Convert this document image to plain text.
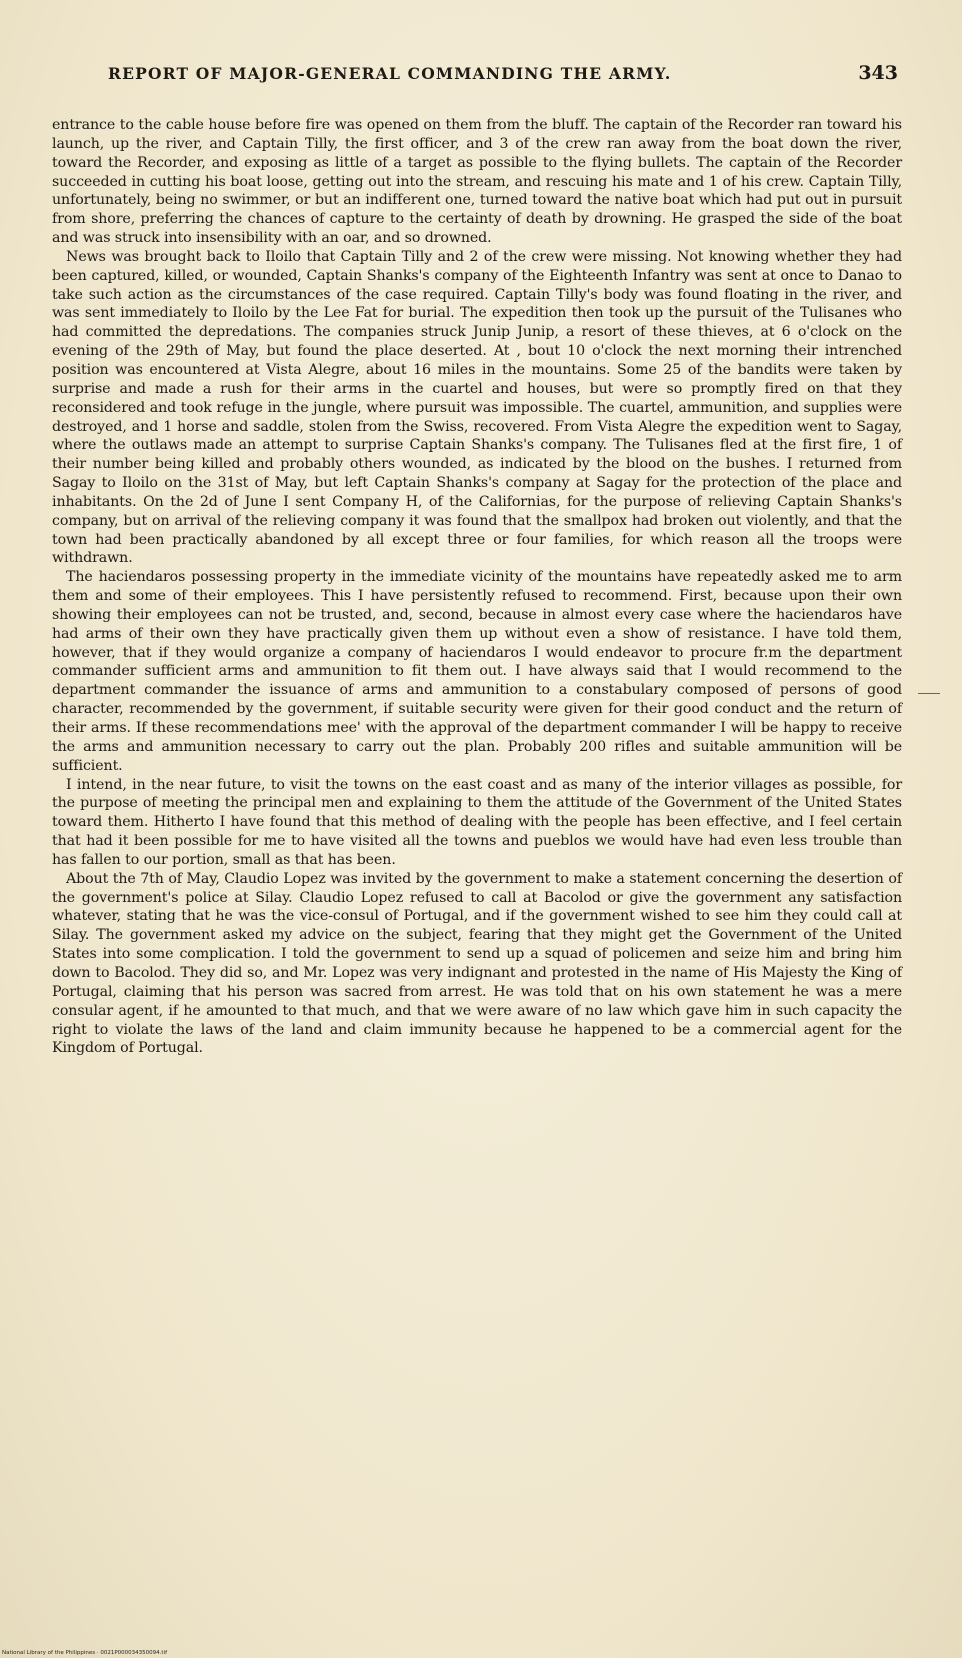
REPORT OF MAJOR-GENERAL COMMANDING THE ARMY.	343

entrance to the cable house before fire was opened on them from the bluff. The captain of the Recorder ran toward his launch, up the river, and Captain Tilly, the first officer, and 3 of the crew ran away from the boat down the river, toward the Recorder, and exposing as little of a target as possible to the flying bullets. The captain of the Recorder succeeded in cutting his boat loose, getting out into the stream, and rescuing his mate and 1 of his crew. Captain Tilly, unfortunately, being no swimmer, or but an indifferent one, turned toward the native boat which had put out in pursuit from shore, preferring the chances of capture to the certainty of death by drowning. He grasped the side of the boat and was struck into insensibility with an oar, and so drowned.

News was brought back to Iloilo that Captain Tilly and 2 of the crew were missing. Not knowing whether they had been captured, killed, or wounded, Captain Shanks's company of the Eighteenth Infantry was sent at once to Danao to take such action as the circumstances of the case required. Captain Tilly's body was found floating in the river, and was sent immediately to Iloilo by the Lee Fat for burial. The expedition then took up the pursuit of the Tulisanes who had committed the depredations. The companies struck Junip Junip, a resort of these thieves, at 6 o'clock on the evening of the 29th of May, but found the place deserted. At , bout 10 o'clock the next morning their intrenched position was encountered at Vista Alegre, about 16 miles in the mountains. Some 25 of the bandits were taken by surprise and made a rush for their arms in the cuartel and houses, but were so promptly fired on that they reconsidered and took refuge in the jungle, where pursuit was impossible. The cuartel, ammunition, and supplies were destroyed, and 1 horse and saddle, stolen from the Swiss, recovered. From Vista Alegre the expedition went to Sagay, where the outlaws made an attempt to surprise Captain Shanks's company. The Tulisanes fled at the first fire, 1 of their number being killed and probably others wounded, as indicated by the blood on the bushes. I returned from Sagay to Iloilo on the 31st of May, but left Captain Shanks's company at Sagay for the protection of the place and inhabitants. On the 2d of June I sent Company H, of the Californias, for the purpose of relieving Captain Shanks's company, but on arrival of the relieving company it was found that the smallpox had broken out violently, and that the town had been practically abandoned by all except three or four families, for which reason all the troops were withdrawn.

The haciendaros possessing property in the immediate vicinity of the mountains have repeatedly asked me to arm them and some of their employees. This I have persistently refused to recommend. First, because upon their own showing their employees can not be trusted, and, second, because in almost every case where the haciendaros have had arms of their own they have practically given them up without even a show of resistance. I have told them, however, that if they would organize a company of haciendaros I would endeavor to procure fr.m the department commander sufficient arms and ammunition to fit them out. I have always said that I would recommend to the department commander the issuance of arms and ammunition to a constabulary composed of persons of good character, recommended by the government, if suitable security were given for their good conduct and the return of their arms. If these recommendations mee' with the approval of the department commander I will be happy to receive the arms and ammunition necessary to carry out the plan. Probably 200 rifles and suitable ammunition will be sufficient.

I intend, in the near future, to visit the towns on the east coast and as many of the interior villages as possible, for the purpose of meeting the principal men and explaining to them the attitude of the Government of the United States toward them. Hitherto I have found that this method of dealing with the people has been effective, and I feel certain that had it been possible for me to have visited all the towns and pueblos we would have had even less trouble than has fallen to our portion, small as that has been.

About the 7th of May, Claudio Lopez was invited by the government to make a statement concerning the desertion of the government's police at Silay. Claudio Lopez refused to call at Bacolod or give the government any satisfaction whatever, stating that he was the vice-consul of Portugal, and if the government wished to see him they could call at Silay. The government asked my advice on the subject, fearing that they might get the Government of the United States into some complication. I told the government to send up a squad of policemen and seize him and bring him down to Bacolod. They did so, and Mr. Lopez was very indignant and protested in the name of His Majesty the King of Portugal, claiming that his person was sacred from arrest. He was told that on his own statement he was a mere consular agent, if he amounted to that much, and that we were aware of no law which gave him in such capacity the right to violate the laws of the land and claim immunity because he happened to be a commercial agent for the Kingdom of Portugal.

National Library of the Philippines · 0021P000034350094.tif
